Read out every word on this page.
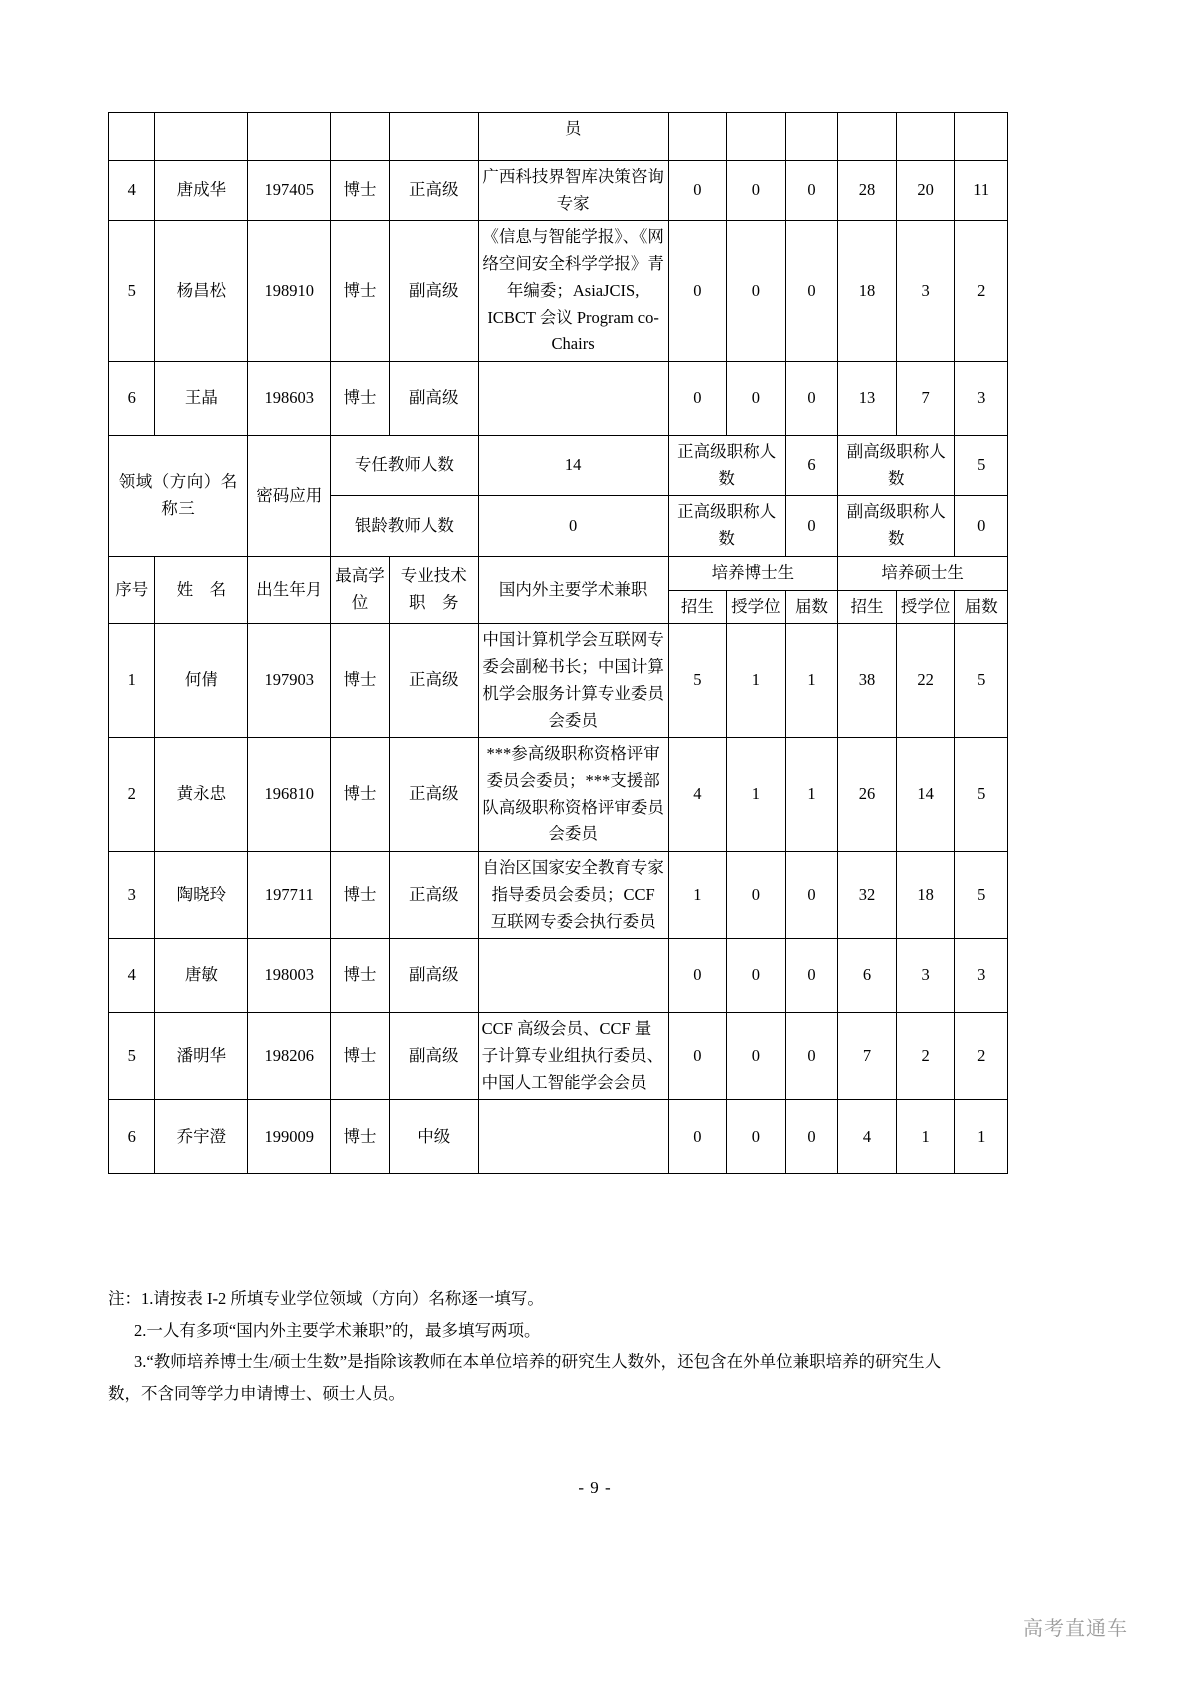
					员						
4	唐成华	197405	博士	正高级	广西科技界智库决策咨询专家	0	0	0	28	20	11
5	杨昌松	198910	博士	副高级	《信息与智能学报》、《网络空间安全科学学报》青年编委；AsiaJCIS, ICBCT 会议 Program co-Chairs	0	0	0	18	3	2
6	王晶	198603	博士	副高级		0	0	0	13	7	3
领域（方向）名称三		密码应用	专任教师人数		14	正高级职称人数		6	副高级职称人数		5
			银龄教师人数		0	正高级职称人数		0	副高级职称人数		0
序号	姓　名	出生年月	最高学位	专业技术职　务	国内外主要学术兼职	培养博士生			培养硕士生		
						招生	授学位	届数	招生	授学位	届数
1	何倩	197903	博士	正高级	中国计算机学会互联网专委会副秘书长；中国计算机学会服务计算专业委员会委员	5	1	1	38	22	5
2	黄永忠	196810	博士	正高级	***参高级职称资格评审委员会委员；***支援部队高级职称资格评审委员会委员	4	1	1	26	14	5
3	陶晓玲	197711	博士	正高级	自治区国家安全教育专家指导委员会委员；CCF 互联网专委会执行委员	1	0	0	32	18	5
4	唐敏	198003	博士	副高级		0	0	0	6	3	3
5	潘明华	198206	博士	副高级	CCF 高级会员、CCF 量子计算专业组执行委员、中国人工智能学会会员	0	0	0	7	2	2
6	乔宇澄	199009	博士	中级		0	0	0	4	1	1
注：1.请按表 I-2 所填专业学位领域（方向）名称逐一填写。
2.一人有多项“国内外主要学术兼职”的，最多填写两项。
3.“教师培养博士生/硕士生数”是指除该教师在本单位培养的研究生人数外，还包含在外单位兼职培养的研究生人
数，不含同等学力申请博士、硕士人员。
- 9 -
高考直通车
